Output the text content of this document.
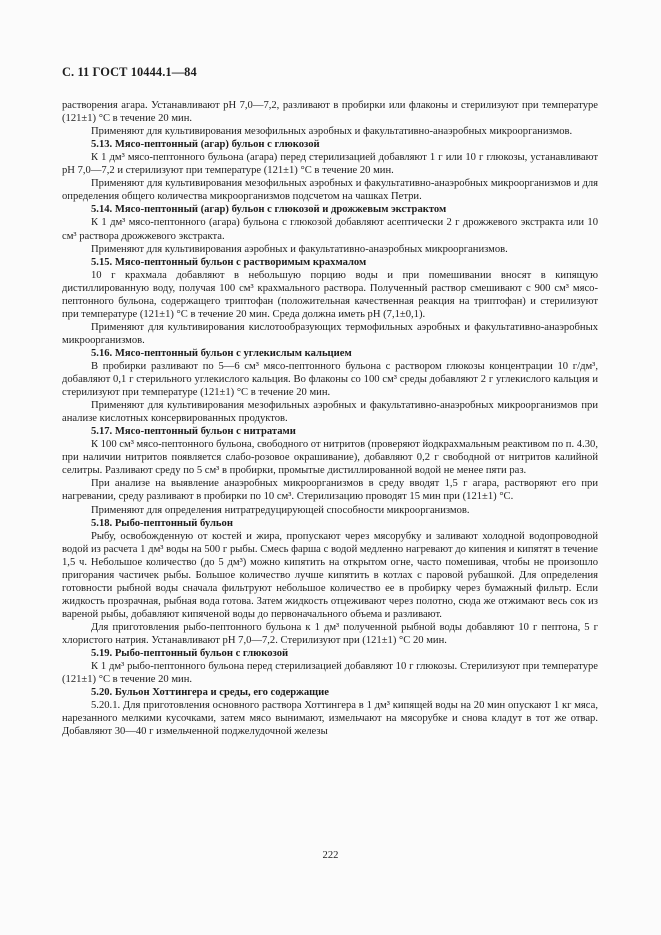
С. 11 ГОСТ 10444.1—84

растворения агара. Устанавливают рН 7,0—7,2, разливают в пробирки или флаконы и стерилизуют при температуре (121±1) °С в течение 20 мин.

Применяют для культивирования мезофильных аэробных и факультативно-анаэробных микроорганизмов.

5.13. Мясо-пептонный (агар) бульон с глюкозой

К 1 дм³ мясо-пептонного бульона (агара) перед стерилизацией добавляют 1 г или 10 г глюкозы, устанавливают рН 7,0—7,2 и стерилизуют при температуре (121±1) °С в течение 20 мин.

Применяют для культивирования мезофильных аэробных и факультативно-анаэробных микроорганизмов и для определения общего количества микроорганизмов подсчетом на чашках Петри.

5.14. Мясо-пептонный (агар) бульон с глюкозой и дрожжевым экстрактом

К 1 дм³ мясо-пептонного (агара) бульона с глюкозой добавляют асептически 2 г дрожжевого экстракта или 10 см³ раствора дрожжевого экстракта.

Применяют для культивирования аэробных и факультативно-анаэробных микроорганизмов.

5.15. Мясо-пептонный бульон с растворимым крахмалом

10 г крахмала добавляют в небольшую порцию воды и при помешивании вносят в кипящую дистиллированную воду, получая 100 см³ крахмального раствора. Полученный раствор смешивают с 900 см³ мясо-пептонного бульона, содержащего триптофан (положительная качественная реакция на триптофан) и стерилизуют при температуре (121±1) °С в течение 20 мин. Среда должна иметь рН (7,1±0,1).

Применяют для культивирования кислотообразующих термофильных аэробных и факультативно-анаэробных микроорганизмов.

5.16. Мясо-пептонный бульон с углекислым кальцием

В пробирки разливают по 5—6 см³ мясо-пептонного бульона с раствором глюкозы концентрации 10 г/дм³, добавляют 0,1 г стерильного углекислого кальция. Во флаконы со 100 см³ среды добавляют 2 г углекислого кальция и стерилизуют при температуре (121±1) °С в течение 20 мин.

Применяют для культивирования мезофильных аэробных и факультативно-анаэробных микроорганизмов при анализе кислотных консервированных продуктов.

5.17. Мясо-пептонный бульон с нитратами

К 100 см³ мясо-пептонного бульона, свободного от нитритов (проверяют йодкрахмальным реактивом по п. 4.30, при наличии нитритов появляется слабо-розовое окрашивание), добавляют 0,2 г свободной от нитритов калийной селитры. Разливают среду по 5 см³ в пробирки, промытые дистиллированной водой не менее пяти раз.

При анализе на выявление анаэробных микроорганизмов в среду вводят 1,5 г агара, растворяют его при нагревании, среду разливают в пробирки по 10 см³. Стерилизацию проводят 15 мин при (121±1) °С.

Применяют для определения нитратредуцирующей способности микроорганизмов.

5.18. Рыбо-пептонный бульон

Рыбу, освобожденную от костей и жира, пропускают через мясорубку и заливают холодной водопроводной водой из расчета 1 дм³ воды на 500 г рыбы. Смесь фарша с водой медленно нагревают до кипения и кипятят в течение 1,5 ч. Небольшое количество (до 5 дм³) можно кипятить на открытом огне, часто помешивая, чтобы не произошло пригорания частичек рыбы. Большое количество лучше кипятить в котлах с паровой рубашкой. Для определения готовности рыбной воды сначала фильтруют небольшое количество ее в пробирку через бумажный фильтр. Если жидкость прозрачная, рыбная вода готова. Затем жидкость отцеживают через полотно, сюда же отжимают весь сок из вареной рыбы, добавляют кипяченой воды до первоначального объема и разливают.

Для приготовления рыбо-пептонного бульона к 1 дм³ полученной рыбной воды добавляют 10 г пептона, 5 г хлористого натрия. Устанавливают рН 7,0—7,2. Стерилизуют при (121±1) °С 20 мин.

5.19. Рыбо-пептонный бульон с глюкозой

К 1 дм³ рыбо-пептонного бульона перед стерилизацией добавляют 10 г глюкозы. Стерилизуют при температуре (121±1) °С в течение 20 мин.

5.20. Бульон Хоттингера и среды, его содержащие

5.20.1. Для приготовления основного раствора Хоттингера в 1 дм³ кипящей воды на 20 мин опускают 1 кг мяса, нарезанного мелкими кусочками, затем мясо вынимают, измельчают на мясорубке и снова кладут в тот же отвар. Добавляют 30—40 г измельченной поджелудочной железы

222
